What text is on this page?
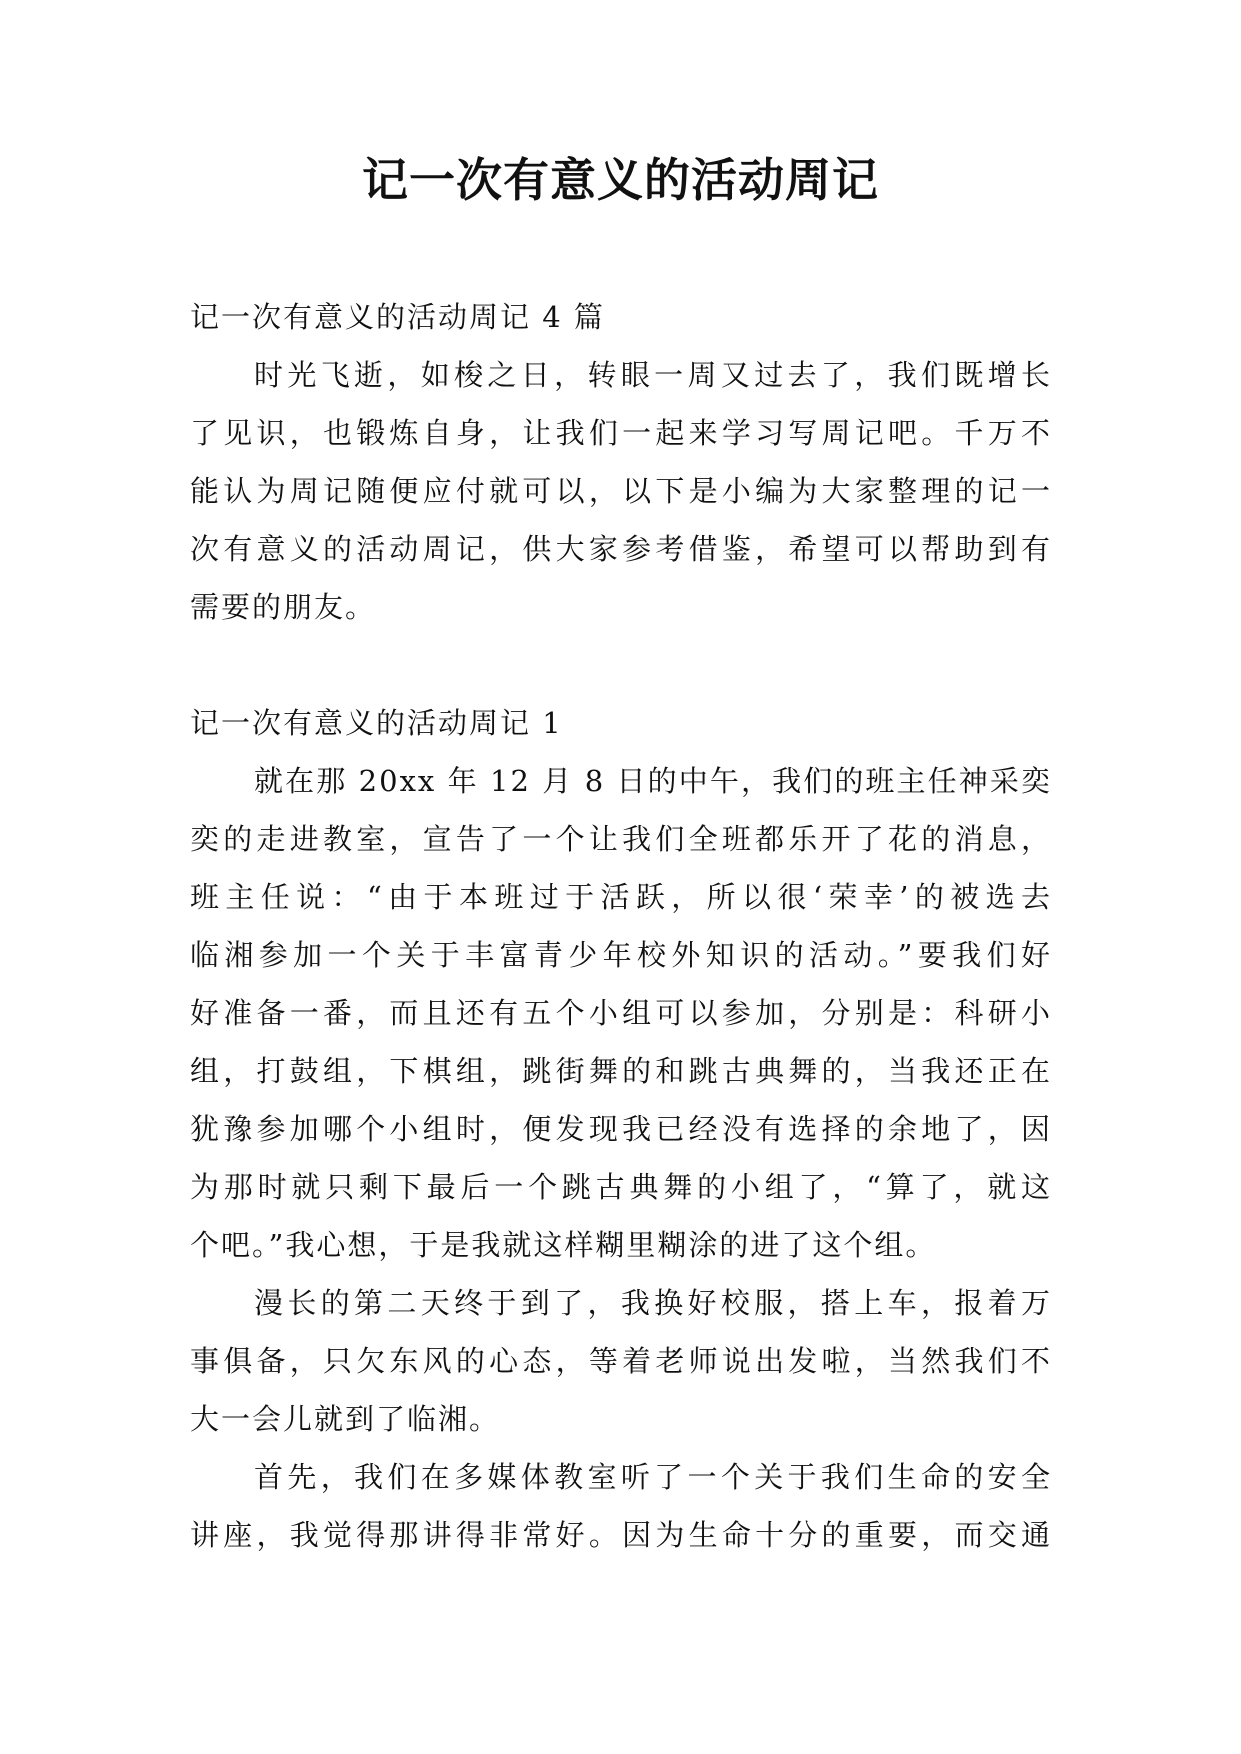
记一次有意义的活动周记

记一次有意义的活动周记 4 篇

时光飞逝，如梭之日，转眼一周又过去了，我们既增长

了见识，也锻炼自身，让我们一起来学习写周记吧。千万不

能认为周记随便应付就可以，以下是小编为大家整理的记一

次有意义的活动周记，供大家参考借鉴，希望可以帮助到有

需要的朋友。

记一次有意义的活动周记 1

就在那 20xx 年 12 月 8 日的中午，我们的班主任神采奕

奕的走进教室，宣告了一个让我们全班都乐开了花的消息，

班主任说：“由于本班过于活跃，所以很‘荣幸’的被选去

临湘参加一个关于丰富青少年校外知识的活动。”要我们好

好准备一番，而且还有五个小组可以参加，分别是：科研小

组，打鼓组，下棋组，跳街舞的和跳古典舞的，当我还正在

犹豫参加哪个小组时，便发现我已经没有选择的余地了，因

为那时就只剩下最后一个跳古典舞的小组了，“算了，就这

个吧。”我心想，于是我就这样糊里糊涂的进了这个组。

漫长的第二天终于到了，我换好校服，搭上车，报着万

事俱备，只欠东风的心态，等着老师说出发啦，当然我们不

大一会儿就到了临湘。

首先，我们在多媒体教室听了一个关于我们生命的安全

讲座，我觉得那讲得非常好。因为生命十分的重要，而交通
